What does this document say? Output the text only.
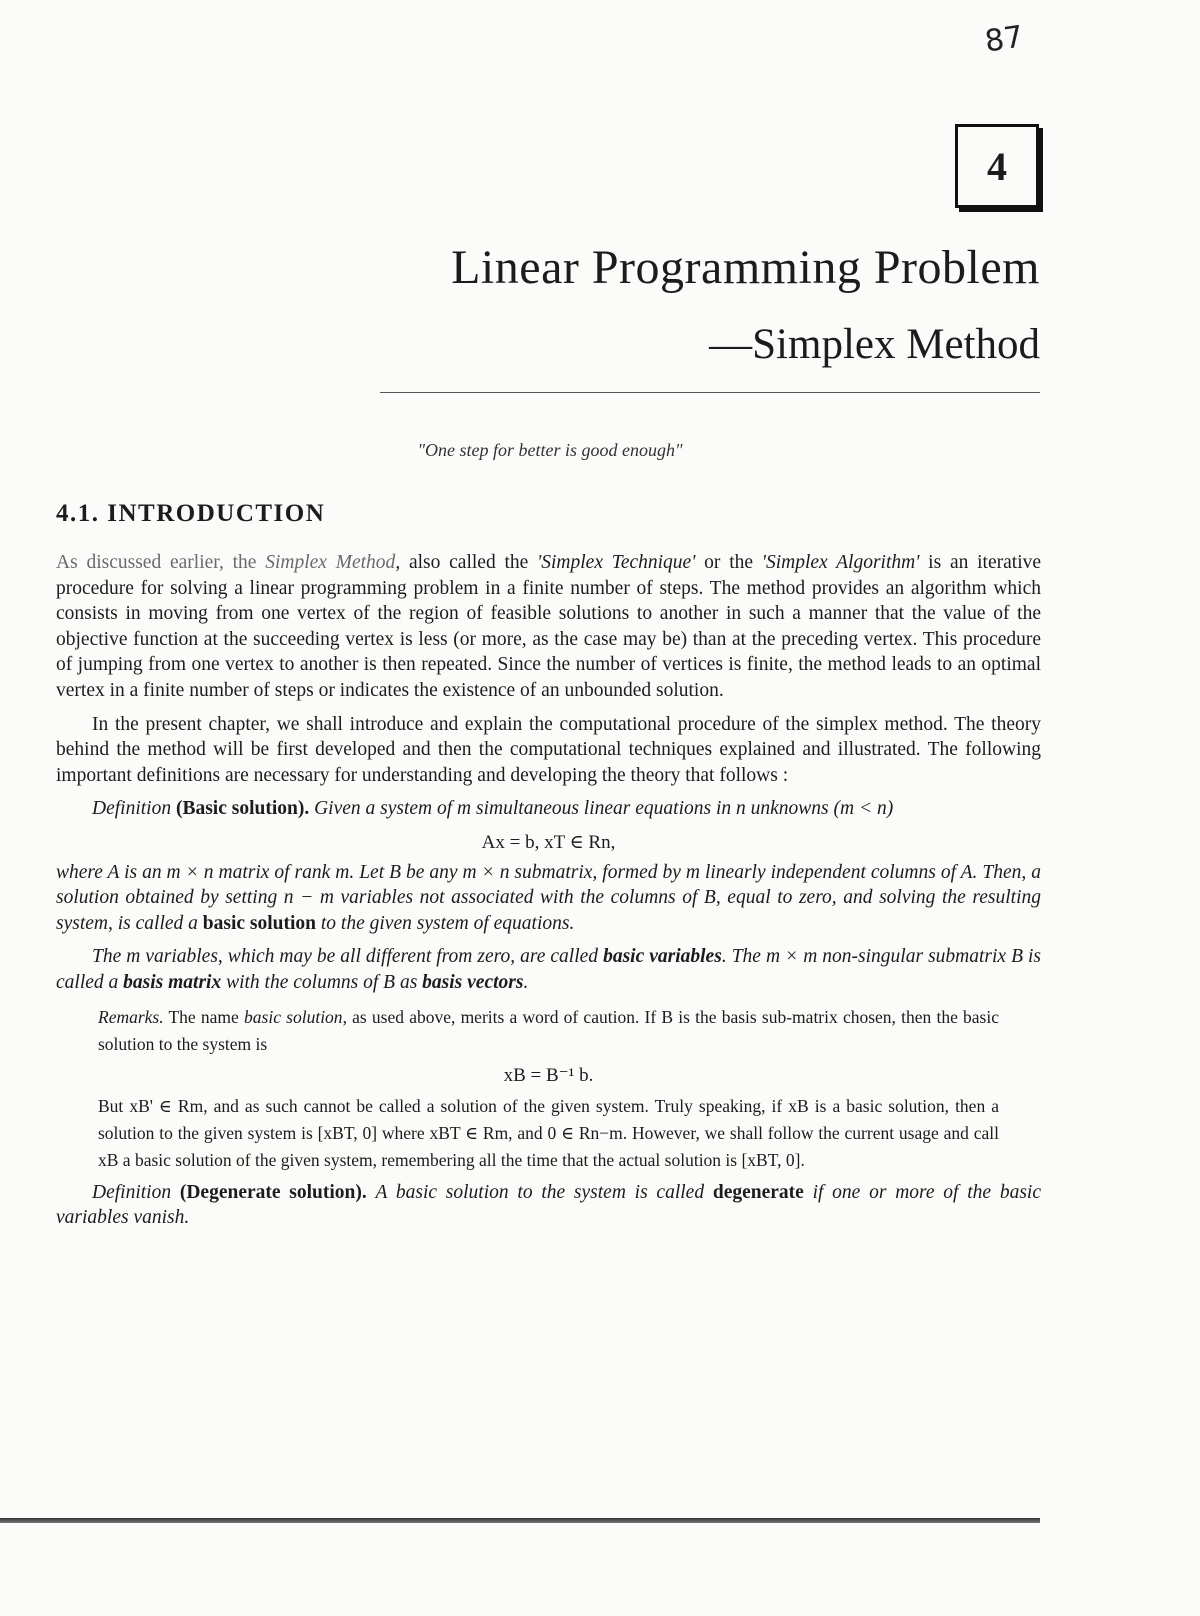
87
4
Linear Programming Problem
—Simplex Method
"One step for better is good enough"
4.1. INTRODUCTION

As discussed earlier, the Simplex Method, also called the 'Simplex Technique' or the 'Simplex Algorithm' is an iterative procedure for solving a linear programming problem in a finite number of steps. The method provides an algorithm which consists in moving from one vertex of the region of feasible solutions to another in such a manner that the value of the objective function at the succeeding vertex is less (or more, as the case may be) than at the preceding vertex. This procedure of jumping from one vertex to another is then repeated. Since the number of vertices is finite, the method leads to an optimal vertex in a finite number of steps or indicates the existence of an unbounded solution.

In the present chapter, we shall introduce and explain the computational procedure of the simplex method. The theory behind the method will be first developed and then the computational techniques explained and illustrated. The following important definitions are necessary for understanding and developing the theory that follows :

Definition (Basic solution). Given a system of m simultaneous linear equations in n unknowns (m < n)

Ax = b, xT ∈ Rn,

where A is an m × n matrix of rank m. Let B be any m × n submatrix, formed by m linearly independent columns of A. Then, a solution obtained by setting n − m variables not associated with the columns of B, equal to zero, and solving the resulting system, is called a basic solution to the given system of equations.

The m variables, which may be all different from zero, are called basic variables. The m × m non-singular submatrix B is called a basis matrix with the columns of B as basis vectors.

Remarks. The name basic solution, as used above, merits a word of caution. If B is the basis sub-matrix chosen, then the basic solution to the system is

xB = B⁻¹ b.

But xB' ∈ Rm, and as such cannot be called a solution of the given system. Truly speaking, if xB is a basic solution, then a solution to the given system is [xBT, 0] where xBT ∈ Rm, and 0 ∈ Rn−m. However, we shall follow the current usage and call xB a basic solution of the given system, remembering all the time that the actual solution is [xBT, 0].

Definition (Degenerate solution). A basic solution to the system is called degenerate if one or more of the basic variables vanish.
